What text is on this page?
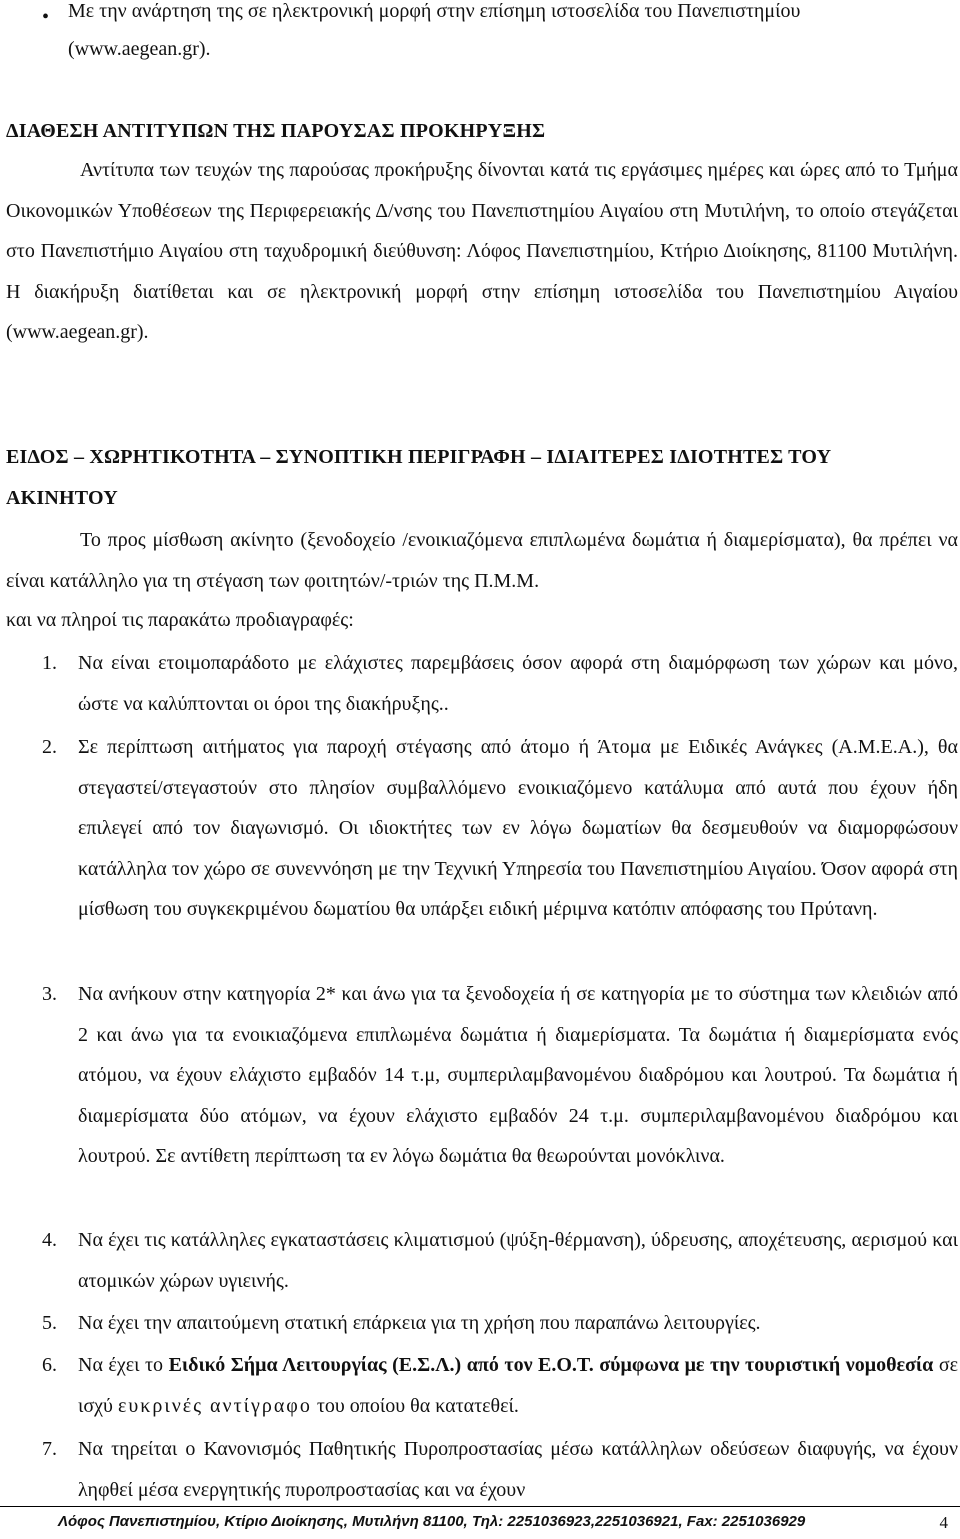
• Με την ανάρτηση της σε ηλεκτρονική μορφή στην επίσημη ιστοσελίδα του Πανεπιστημίου
(www.aegean.gr).
ΔΙΑΘΕΣΗ ΑΝΤΙΤΥΠΩΝ ΤΗΣ ΠΑΡΟΥΣΑΣ ΠΡΟΚΗΡΥΞΗΣ
Αντίτυπα των τευχών της παρούσας προκήρυξης δίνονται κατά τις εργάσιμες ημέρες και ώρες από το Τμήμα Οικονομικών Υποθέσεων της Περιφερειακής Δ/νσης του Πανεπιστημίου Αιγαίου στη Μυτιλήνη, το οποίο στεγάζεται στο Πανεπιστήμιο Αιγαίου στη ταχυδρομική διεύθυνση: Λόφος Πανεπιστημίου, Κτήριο Διοίκησης, 81100 Μυτιλήνη. Η διακήρυξη διατίθεται και σε ηλεκτρονική μορφή στην επίσημη ιστοσελίδα του Πανεπιστημίου Αιγαίου (www.aegean.gr).
ΕΙΔΟΣ – ΧΩΡΗΤΙΚΟΤΗΤΑ – ΣΥΝΟΠΤΙΚΗ ΠΕΡΙΓΡΑΦΗ – ΙΔΙΑΙΤΕΡΕΣ ΙΔΙΟΤΗΤΕΣ ΤΟΥ
ΑΚΙΝΗΤΟΥ
Το προς μίσθωση ακίνητο (ξενοδοχείο /ενοικιαζόμενα επιπλωμένα δωμάτια ή διαμερίσματα), θα πρέπει να είναι κατάλληλο για τη στέγαση των φοιτητών/-τριών της Π.Μ.Μ.
και να πληροί τις παρακάτω προδιαγραφές:
1. Να είναι ετοιμοπαράδοτο με ελάχιστες παρεμβάσεις όσον αφορά στη διαμόρφωση των χώρων και μόνο, ώστε να καλύπτονται οι όροι της διακήρυξης..
2. Σε περίπτωση αιτήματος για παροχή στέγασης από άτομο ή Άτομα με Ειδικές Ανάγκες (Α.Μ.Ε.Α.), θα στεγαστεί/στεγαστούν στο πλησίον συμβαλλόμενο ενοικιαζόμενο κατάλυμα από αυτά που έχουν ήδη επιλεγεί από τον διαγωνισμό. Οι ιδιοκτήτες των εν λόγω δωματίων θα δεσμευθούν να διαμορφώσουν κατάλληλα τον χώρο σε συνεννόηση με την Τεχνική Υπηρεσία του Πανεπιστημίου Αιγαίου. Όσον αφορά στη μίσθωση του συγκεκριμένου δωματίου θα υπάρξει ειδική μέριμνα κατόπιν απόφασης του Πρύτανη.
3. Να ανήκουν στην κατηγορία 2* και άνω για τα ξενοδοχεία ή σε κατηγορία με το σύστημα των κλειδιών από 2 και άνω για τα ενοικιαζόμενα επιπλωμένα δωμάτια ή διαμερίσματα. Τα δωμάτια ή διαμερίσματα ενός ατόμου, να έχουν ελάχιστο εμβαδόν 14 τ.μ, συμπεριλαμβανομένου διαδρόμου και λουτρού. Τα δωμάτια ή διαμερίσματα δύο ατόμων, να έχουν ελάχιστο εμβαδόν 24 τ.μ. συμπεριλαμβανομένου διαδρόμου και λουτρού. Σε αντίθετη περίπτωση τα εν λόγω δωμάτια θα θεωρούνται μονόκλινα.
4. Να έχει τις κατάλληλες εγκαταστάσεις κλιματισμού (ψύξη-θέρμανση), ύδρευσης, αποχέτευσης, αερισμού και ατομικών χώρων υγιεινής.
5. Να έχει την απαιτούμενη στατική επάρκεια για τη χρήση που παραπάνω λειτουργίες.
6. Να έχει το Ειδικό Σήμα Λειτουργίας (Ε.Σ.Λ.) από τον Ε.Ο.Τ. σύμφωνα με την τουριστική νομοθεσία σε ισχύ ευκρινές αντίγραφο του οποίου θα κατατεθεί.
7. Να τηρείται ο Κανονισμός Παθητικής Πυροπροστασίας μέσω κατάλληλων οδεύσεων διαφυγής, να έχουν ληφθεί μέσα ενεργητικής πυροπροστασίας και να έχουν
Λόφος Πανεπιστημίου, Κτίριο Διοίκησης, Μυτιλήνη 81100, Τηλ: 2251036923,2251036921, Fax: 2251036929	4
